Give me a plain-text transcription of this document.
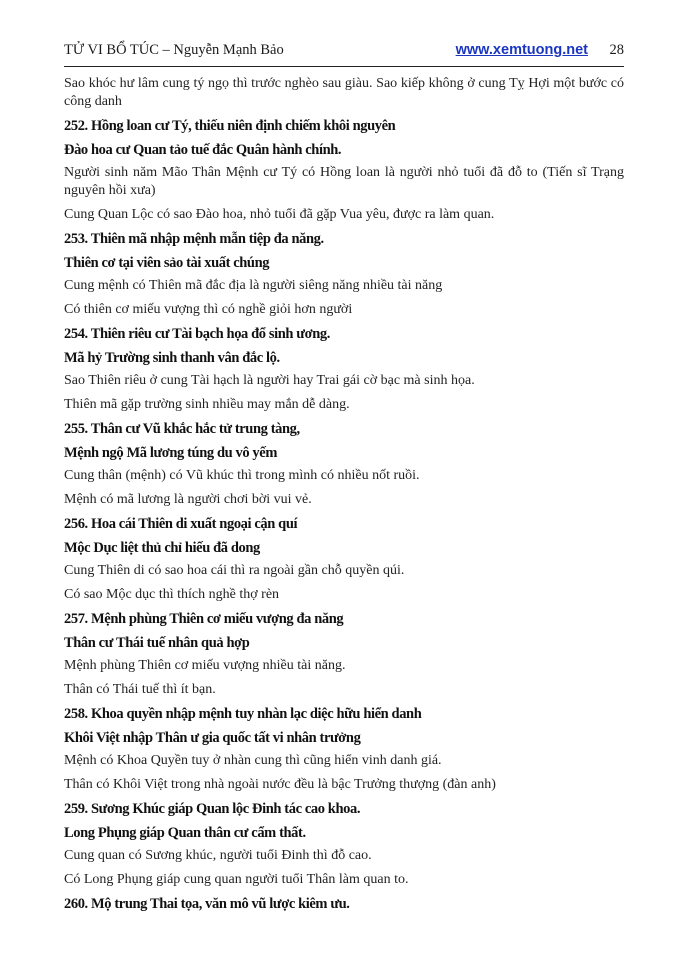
TỬ VI BỔ TÚC – Nguyễn Mạnh Bảo	www.xemtuong.net 28

Sao khóc hư lâm cung tý ngọ thì trước nghèo sau giàu. Sao kiếp không ở cung Tỵ Hợi một bước có công danh

252. Hồng loan cư Tý, thiếu niên định chiếm khôi nguyên

Đào hoa cư Quan tảo tuế đắc Quân hành chính.

Người sinh năm Mão Thân Mệnh cư Tý có Hồng loan là người nhỏ tuổi đã đỗ to (Tiến sĩ Trạng nguyên hồi xưa)

Cung Quan Lộc có sao Đào hoa, nhỏ tuổi đã gặp Vua yêu, được ra làm quan.

253. Thiên mã nhập mệnh mẫn tiệp đa năng.

Thiên cơ tại viên sảo tài xuất chúng

Cung mệnh có Thiên mã đắc địa là người siêng năng nhiều tài năng

Có thiên cơ miếu vượng thì có nghề giỏi hơn người

254. Thiên riêu cư Tài bạch họa đổ sinh ương.

Mã hỷ Trường sinh thanh vân đắc lộ.

Sao Thiên riêu ở cung Tài hạch là người hay Trai gái cờ bạc mà sinh họa.

Thiên mã gặp trường sinh nhiều may mắn dễ dàng.

255. Thân cư Vũ khắc hắc tử trung tàng,

Mệnh ngộ Mã lương túng du vô yếm

Cung thân (mệnh) có Vũ khúc thì trong mình có nhiều nốt ruồi.

Mệnh có mã lương là người chơi bời vui vẻ.

256. Hoa cái Thiên di xuất ngoại cận quí

Mộc Dục liệt thủ chỉ hiếu đã dong

Cung Thiên di có sao hoa cái thì ra ngoài gần chỗ quyền qúi.

Có sao Mộc dục thì thích nghề thợ rèn

257. Mệnh phùng Thiên cơ miếu vượng đa năng

Thân cư Thái tuế nhân quả hợp

Mệnh phùng Thiên cơ miếu vượng nhiều tài năng.

Thân có Thái tuế thì ít bạn.

258. Khoa quyền nhập mệnh tuy nhàn lạc diệc hữu hiển danh

Khôi Việt nhập Thân ư gia quốc tất vi nhân trưởng

Mệnh có Khoa Quyền tuy ở nhàn cung thì cũng hiển vinh danh giá.

Thân có Khôi Việt trong nhà ngoài nước đều là bậc Trưởng thượng (đàn anh)

259. Sương Khúc giáp Quan lộc Đinh tác cao khoa.

Long Phụng giáp Quan thân cư cẩm thất.

Cung quan có Sương khúc, người tuổi Đinh thì đỗ cao.

Có Long Phụng giáp cung quan người tuổi Thân làm quan to.

260. Mộ trung Thai tọa, văn mô vũ lược kiêm ưu.
